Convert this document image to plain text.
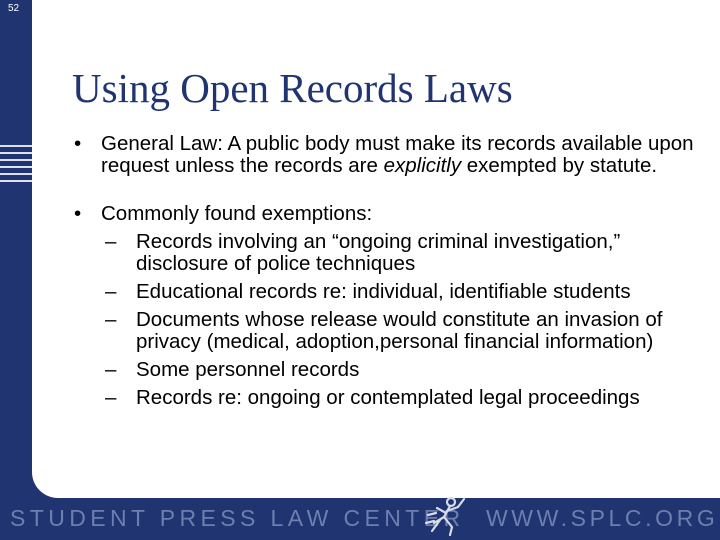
52
Using Open Records Laws
• General Law: A public body must make its records available upon request unless the records are explicitly exempted by statute.
• Commonly found exemptions:
– Records involving an “ongoing criminal investigation,” disclosure of police techniques
– Educational records re: individual, identifiable students
– Documents whose release would constitute an invasion of privacy (medical, adoption,personal financial information)
– Some personnel records
– Records re: ongoing or contemplated legal proceedings
STUDENT PRESS LAW CENTER WWW.SPLC.ORG
